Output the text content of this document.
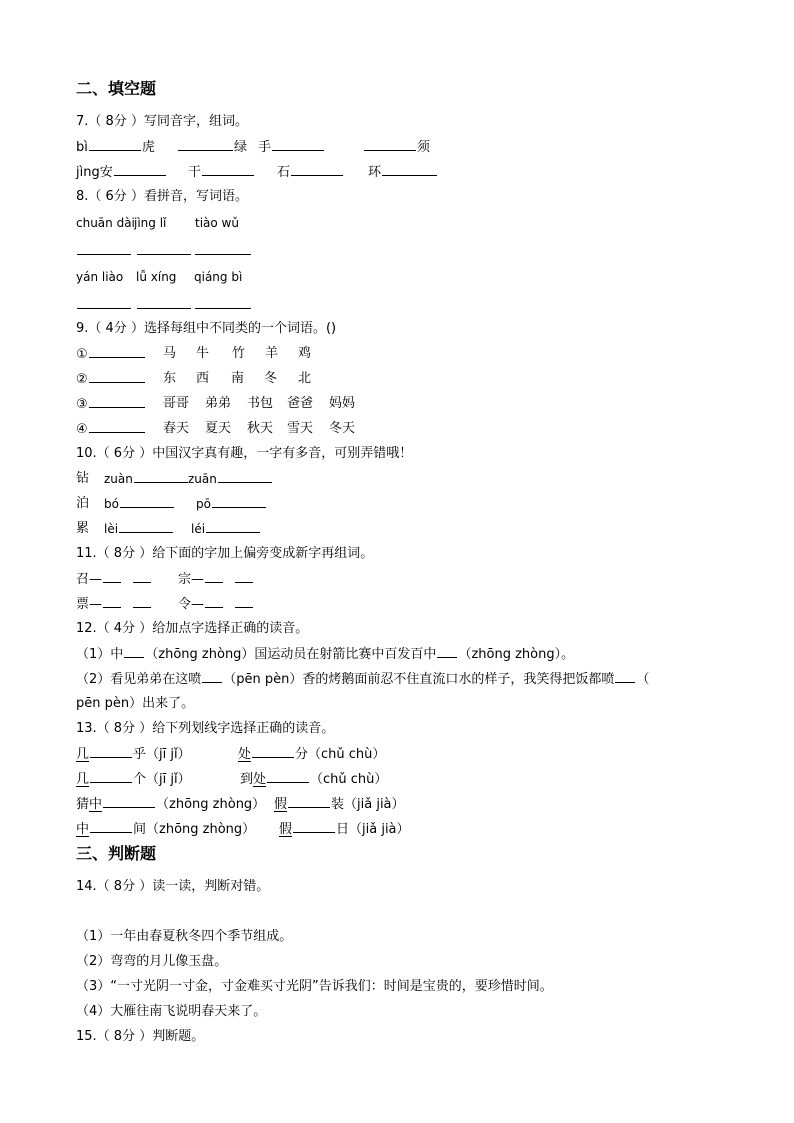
二、填空题
7.（ 8分 ）写同音字，组词。
bì	虎	绿 手	须
jìng安	干	石	环
8.（ 6分 ）看拼音，写词语。
chuān dài jìng lǐ tiào wǔ
yán liào lǚ xíng qiáng bì
9.（ 4分 ）选择每组中不同类的一个词语。()
①	马 牛 竹 羊 鸡
②	东 西 南 冬 北
③	哥哥 弟弟 书包 爸爸 妈妈
④	春天 夏天 秋天 雪天 冬天
10.（ 6分 ）中国汉字真有趣，一字有多音，可别弄错哦！
钻 zuàn	zuān
泊 bó	pō
累 lèi	léi
11.（ 8分 ）给下面的字加上偏旁变成新字再组词。
召—	宗—
票—	令—
12.（ 4分 ）给加点字选择正确的读音。
（1）中 （zhōng zhòng）国运动员在射箭比赛中百发百中 （zhōng zhòng）。
（2）看见弟弟在这喷 （pēn pèn）香的烤鹅面前忍不住直流口水的样子，我笑得把饭都喷 （
pēn pèn）出来了。
13.（ 8分 ）给下列划线字选择正确的读音。
几	乎（jī jǐ）	处	分（chǔ chù）
几	个（jī jǐ）	到处	（chǔ chù）
猜中	（zhōng zhòng） 假	装（jiǎ jià）
中	间（zhōng zhòng） 假	日（jiǎ jià）
三、判断题
14.（ 8分 ）读一读，判断对错。
（1）一年由春夏秋冬四个季节组成。
（2）弯弯的月儿像玉盘。
（3）“一寸光阴一寸金，寸金难买寸光阴”告诉我们：时间是宝贵的，要珍惜时间。
（4）大雁往南飞说明春天来了。
15.（ 8分 ）判断题。
